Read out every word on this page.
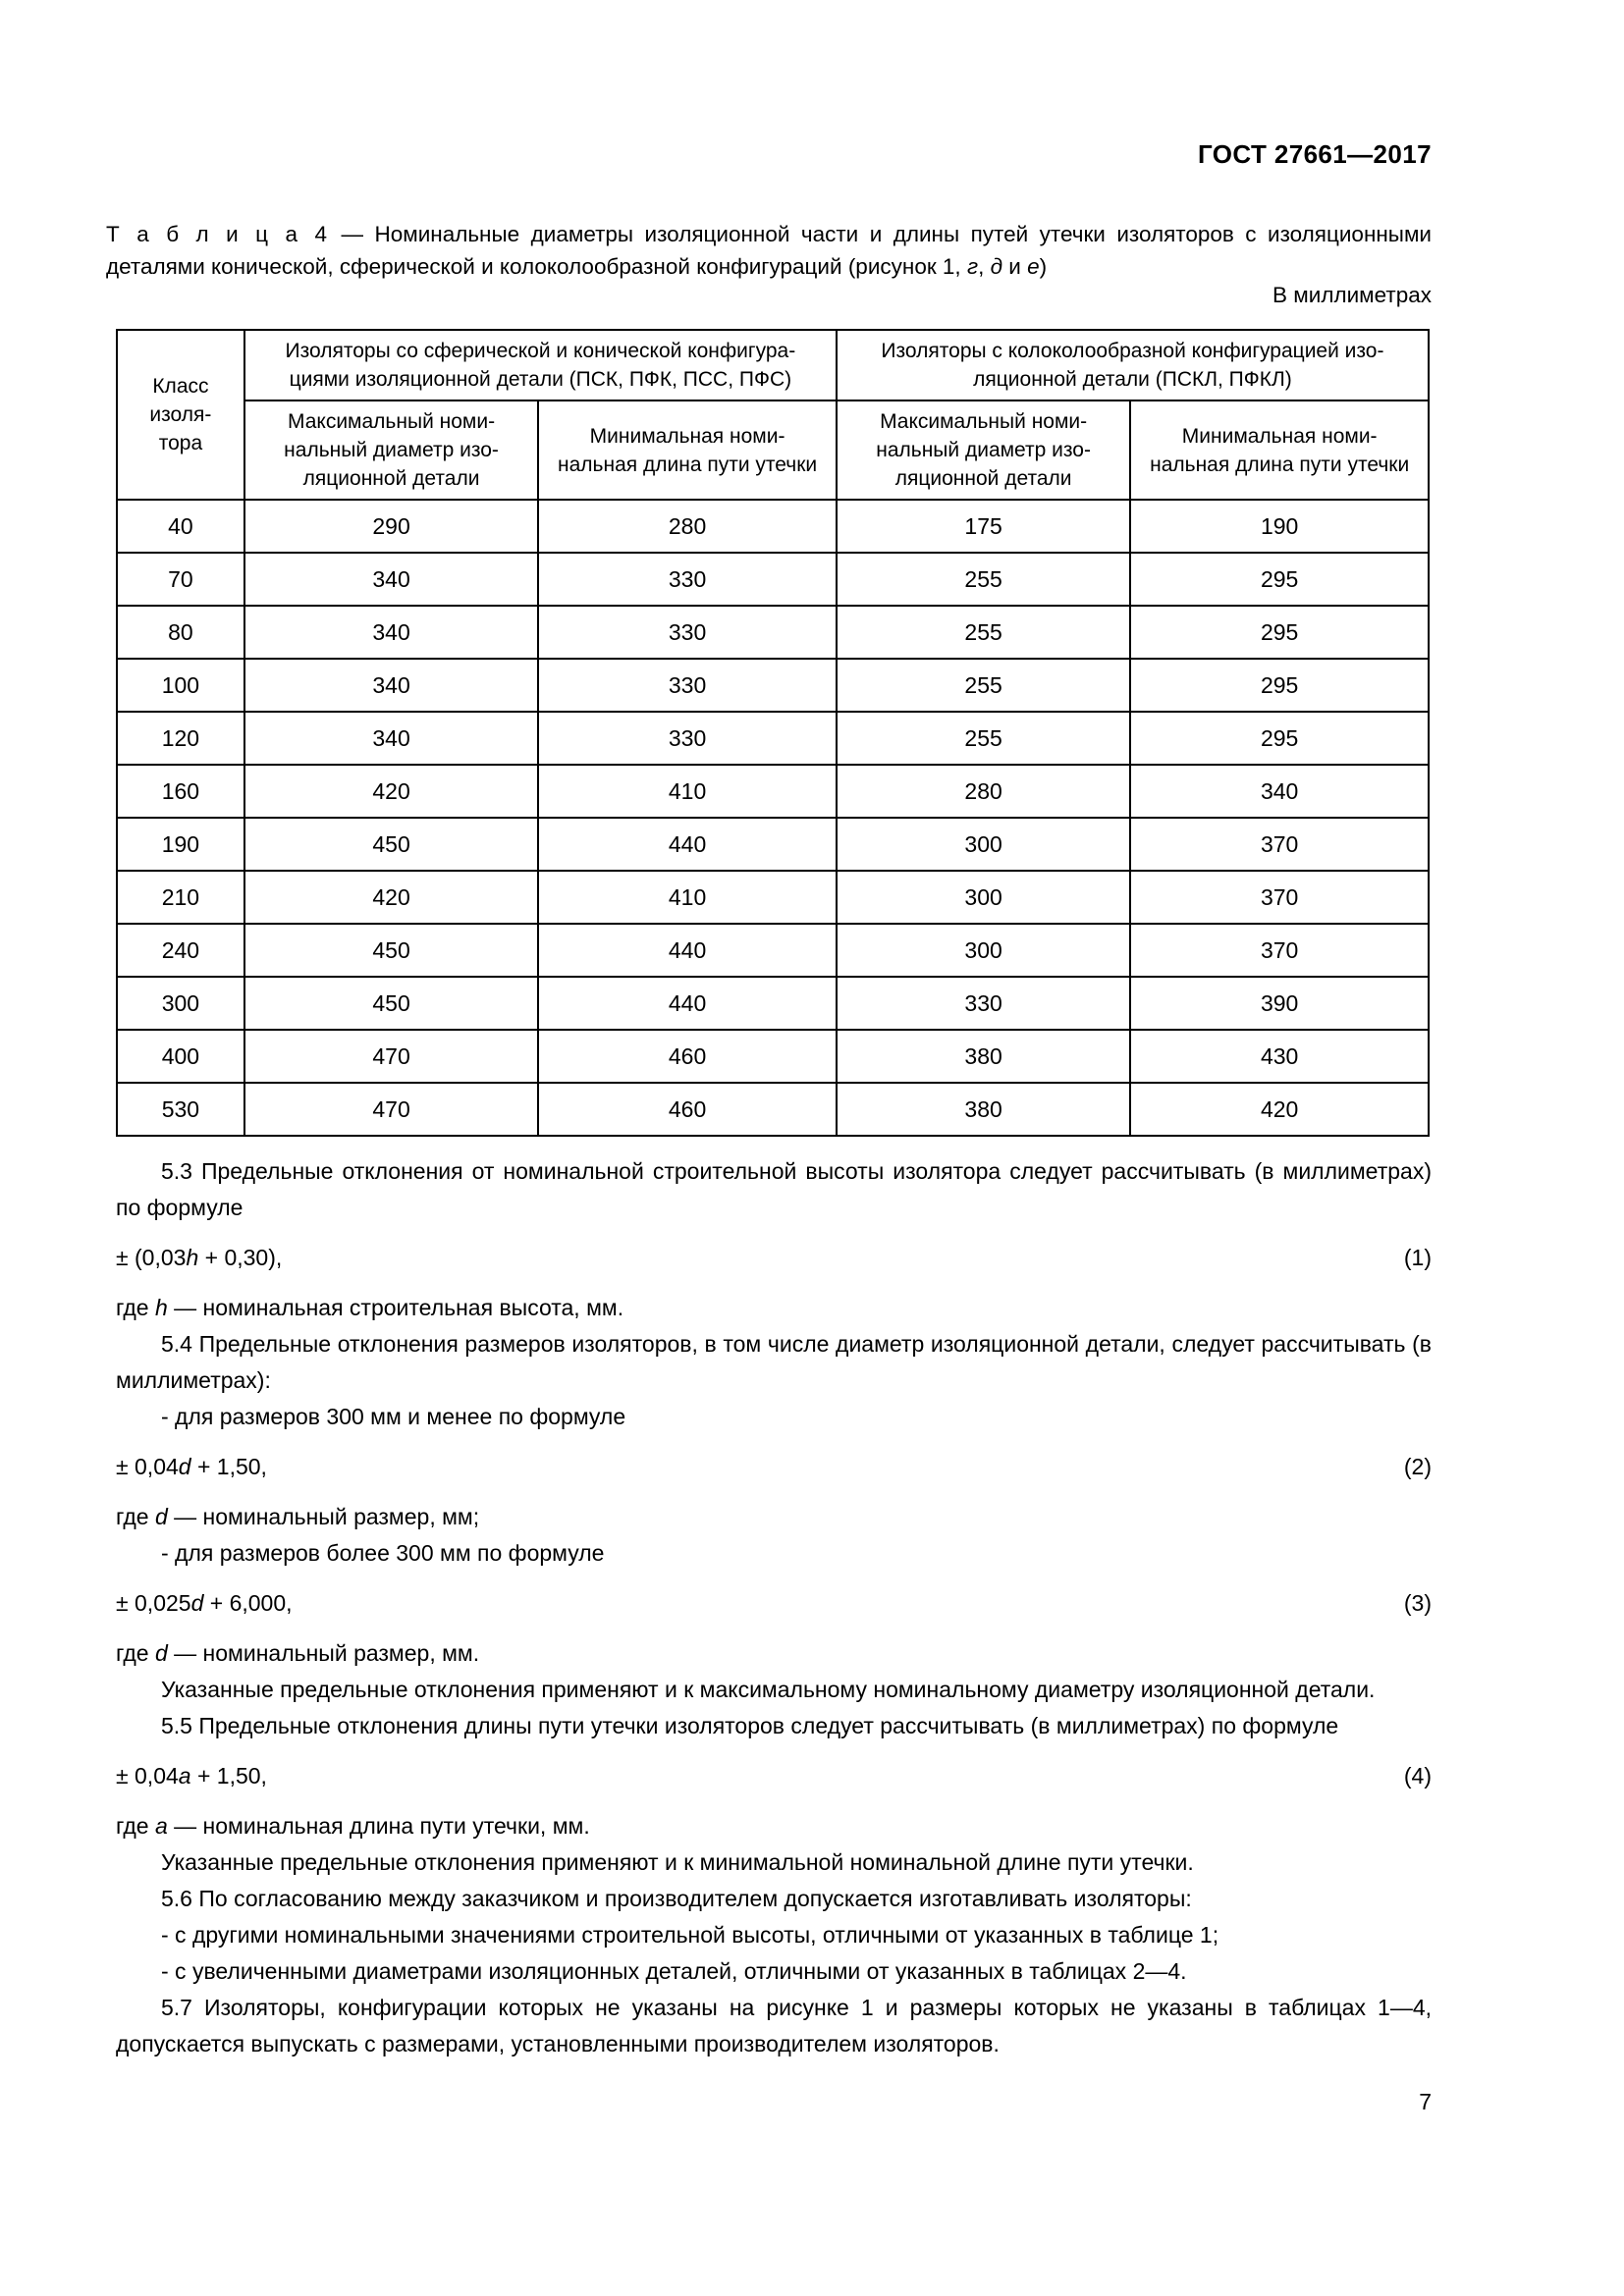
ГОСТ 27661—2017
Т а б л и ц а 4 — Номинальные диаметры изоляционной части и длины путей утечки изоляторов с изоляционными деталями конической, сферической и колоколообразной конфигураций (рисунок 1, г, д и е)
В миллиметрах
Класс изоля- тора	Изоляторы со сферической и конической конфигура- циями изоляционной детали (ПСК, ПФК, ПСС, ПФС)		Изоляторы с колоколообразной конфигурацией изо- ляционной детали (ПСКЛ, ПФКЛ)	
	Максимальный номи- нальный диаметр изо- ляционной детали	Минимальная номи- нальная длина пути утечки	Максимальный номи- нальный диаметр изо- ляционной детали	Минимальная номи- нальная длина пути утечки
40	290	280	175	190
70	340	330	255	295
80	340	330	255	295
100	340	330	255	295
120	340	330	255	295
160	420	410	280	340
190	450	440	300	370
210	420	410	300	370
240	450	440	300	370
300	450	440	330	390
400	470	460	380	430
530	470	460	380	420

5.3 Предельные отклонения от номинальной строительной высоты изолятора следует рассчитывать (в миллиметрах) по формуле

± (0,03h + 0,30),	(1)

где h — номинальная строительная высота, мм.

5.4 Предельные отклонения размеров изоляторов, в том числе диаметр изоляционной детали, следует рассчитывать (в миллиметрах):

- для размеров 300 мм и менее по формуле

± 0,04d + 1,50,	(2)

где d — номинальный размер, мм;

- для размеров более 300 мм по формуле

± 0,025d + 6,000,	(3)

где d — номинальный размер, мм.

Указанные предельные отклонения применяют и к максимальному номинальному диаметру изоляционной детали.

5.5 Предельные отклонения длины пути утечки изоляторов следует рассчитывать (в миллиметрах) по формуле

± 0,04a + 1,50,	(4)

где a — номинальная длина пути утечки, мм.

Указанные предельные отклонения применяют и к минимальной номинальной длине пути утечки.

5.6 По согласованию между заказчиком и производителем допускается изготавливать изоляторы:

- с другими номинальными значениями строительной высоты, отличными от указанных в таблице 1;

- с увеличенными диаметрами изоляционных деталей, отличными от указанных в таблицах 2—4.

5.7 Изоляторы, конфигурации которых не указаны на рисунке 1 и размеры которых не указаны в таблицах 1—4, допускается выпускать с размерами, установленными производителем изоляторов.

7
